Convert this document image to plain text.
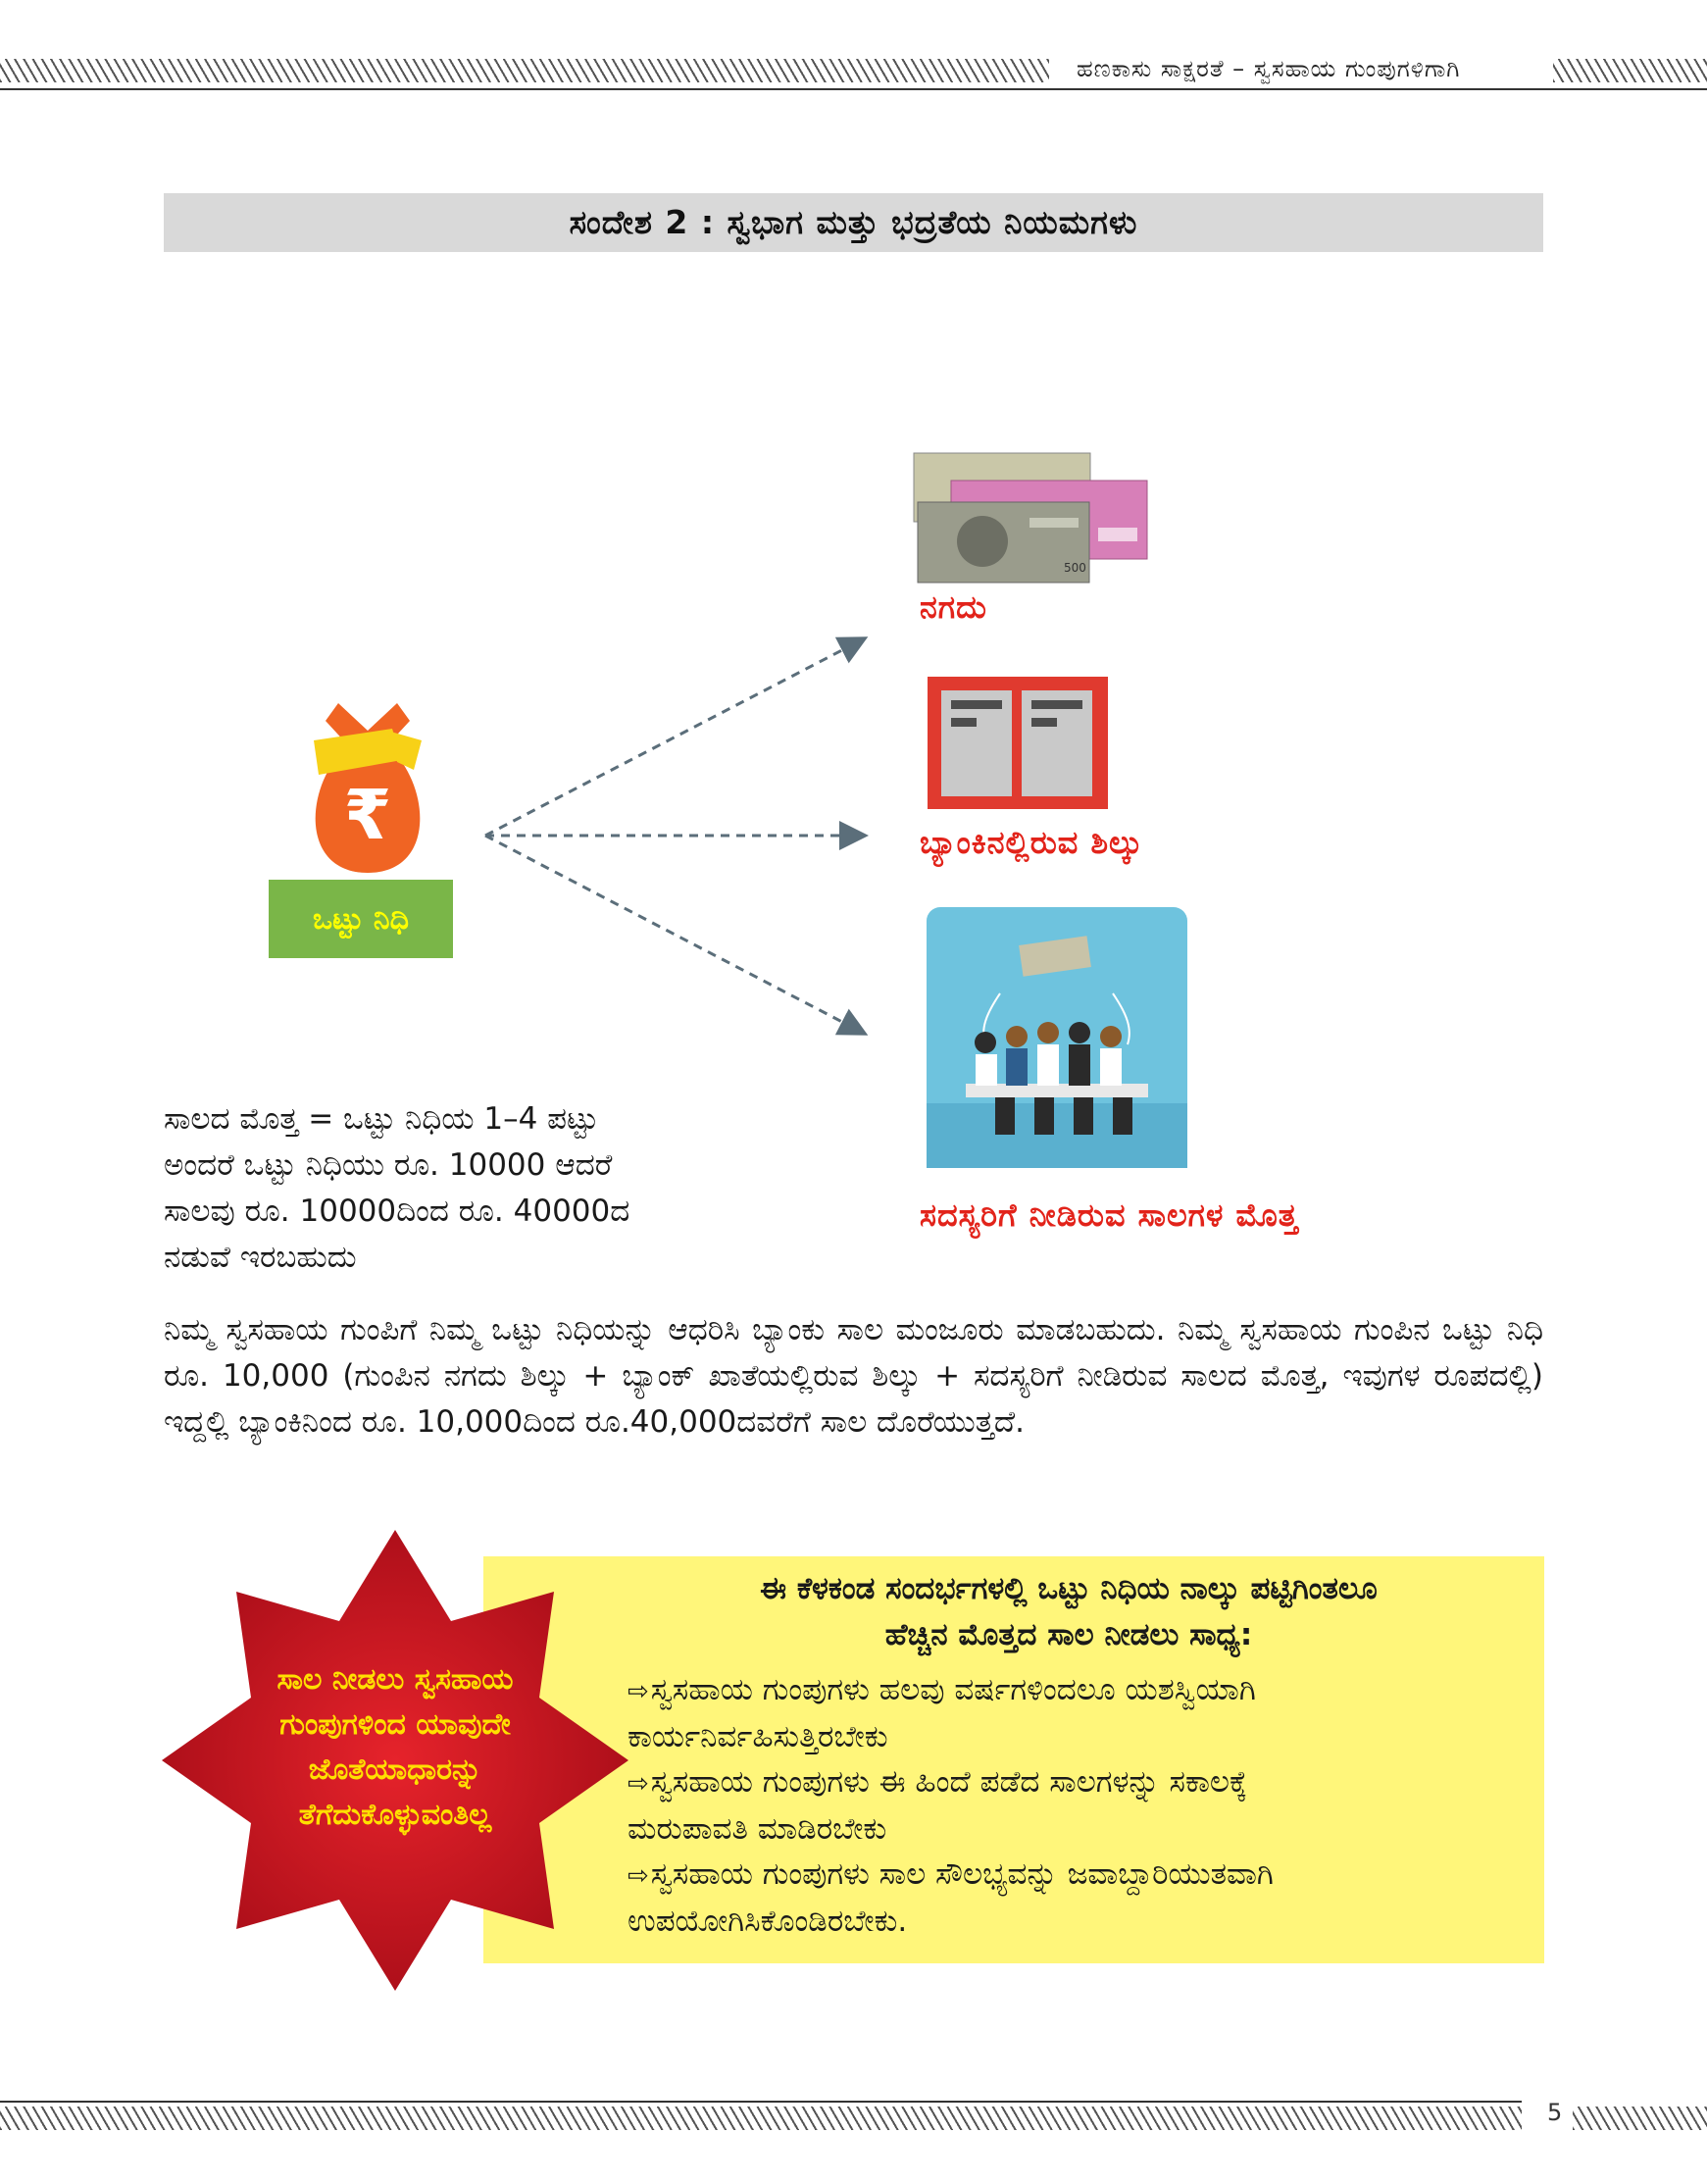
ಹಣಕಾಸು ಸಾಕ್ಷರತೆ – ಸ್ವಸಹಾಯ ಗುಂಪುಗಳಿಗಾಗಿ
ಸಂದೇಶ 2 : ಸ್ವಭಾಗ ಮತ್ತು ಭದ್ರತೆಯ ನಿಯಮಗಳು
₹
ಒಟ್ಟು ನಿಧಿ
500
ನಗದು
ಬ್ಯಾಂಕಿನಲ್ಲಿರುವ ಶಿಲ್ಕು
ಸದಸ್ಯರಿಗೆ ನೀಡಿರುವ ಸಾಲಗಳ ಮೊತ್ತ
ಸಾಲದ ಮೊತ್ತ = ಒಟ್ಟು ನಿಧಿಯ 1–4 ಪಟ್ಟು
ಅಂದರೆ ಒಟ್ಟು ನಿಧಿಯು ರೂ. 10000 ಆದರೆ
ಸಾಲವು ರೂ. 10000ದಿಂದ ರೂ. 40000ದ
ನಡುವೆ ಇರಬಹುದು
ನಿಮ್ಮ ಸ್ವಸಹಾಯ ಗುಂಪಿಗೆ ನಿಮ್ಮ ಒಟ್ಟು ನಿಧಿಯನ್ನು ಆಧರಿಸಿ ಬ್ಯಾಂಕು ಸಾಲ ಮಂಜೂರು ಮಾಡಬಹುದು. ನಿಮ್ಮ ಸ್ವಸಹಾಯ ಗುಂಪಿನ ಒಟ್ಟು ನಿಧಿ ರೂ. 10,000 (ಗುಂಪಿನ ನಗದು ಶಿಲ್ಕು + ಬ್ಯಾಂಕ್ ಖಾತೆಯಲ್ಲಿರುವ ಶಿಲ್ಕು + ಸದಸ್ಯರಿಗೆ ನೀಡಿರುವ ಸಾಲದ ಮೊತ್ತ, ಇವುಗಳ ರೂಪದಲ್ಲಿ) ಇದ್ದಲ್ಲಿ ಬ್ಯಾಂಕಿನಿಂದ ರೂ. 10,000ದಿಂದ ರೂ.40,000ದವರೆಗೆ ಸಾಲ ದೊರೆಯುತ್ತದೆ.
ಈ ಕೆಳಕಂಡ ಸಂದರ್ಭಗಳಲ್ಲಿ ಒಟ್ಟು ನಿಧಿಯ ನಾಲ್ಕು ಪಟ್ಟಿಗಿಂತಲೂ
ಹೆಚ್ಚಿನ ಮೊತ್ತದ ಸಾಲ ನೀಡಲು ಸಾಧ್ಯ:
⇨ಸ್ವಸಹಾಯ ಗುಂಪುಗಳು ಹಲವು ವರ್ಷಗಳಿಂದಲೂ ಯಶಸ್ವಿಯಾಗಿ
ಕಾರ್ಯನಿರ್ವಹಿಸುತ್ತಿರಬೇಕು
⇨ಸ್ವಸಹಾಯ ಗುಂಪುಗಳು ಈ ಹಿಂದೆ ಪಡೆದ ಸಾಲಗಳನ್ನು ಸಕಾಲಕ್ಕೆ
ಮರುಪಾವತಿ ಮಾಡಿರಬೇಕು
⇨ಸ್ವಸಹಾಯ ಗುಂಪುಗಳು ಸಾಲ ಸೌಲಭ್ಯವನ್ನು ಜವಾಬ್ದಾರಿಯುತವಾಗಿ
ಉಪಯೋಗಿಸಿಕೊಂಡಿರಬೇಕು.
ಸಾಲ ನೀಡಲು ಸ್ವಸಹಾಯ
ಗುಂಪುಗಳಿಂದ ಯಾವುದೇ
ಜೊತೆಯಾಧಾರನ್ನು
ತೆಗೆದುಕೊಳ್ಳುವಂತಿಲ್ಲ
5
